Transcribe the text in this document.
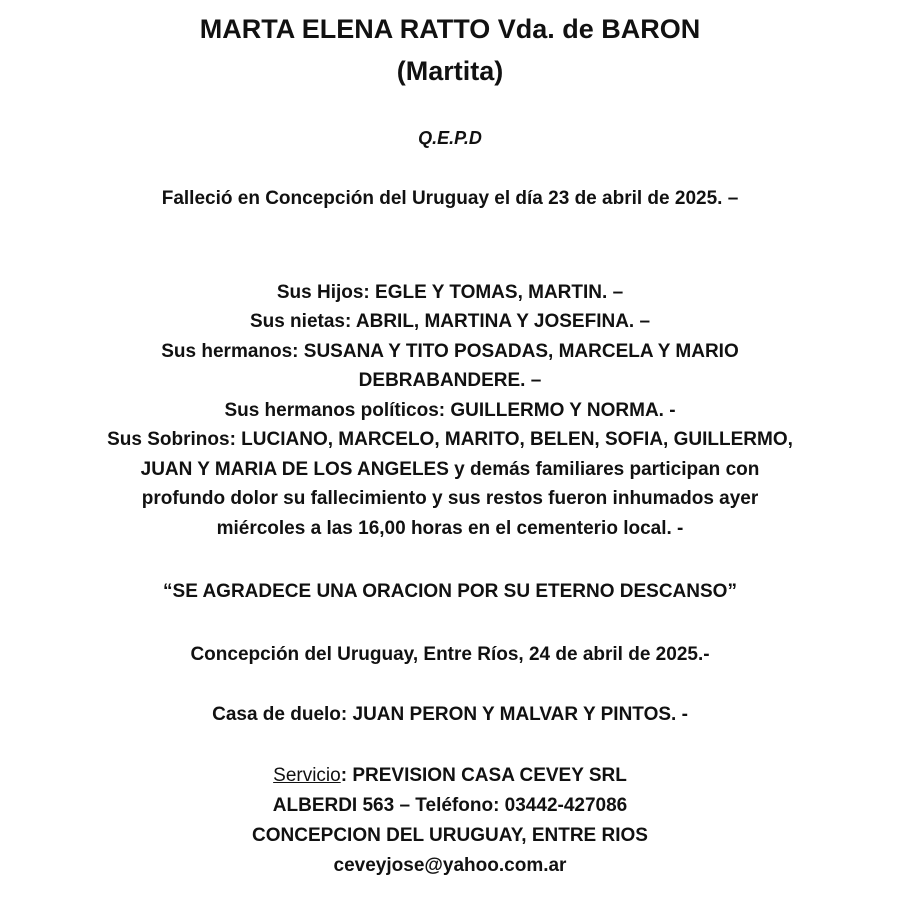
MARTA ELENA RATTO Vda. de BARON
(Martita)
Q.E.P.D
Falleció en Concepción del Uruguay el día 23 de abril de 2025. –
Sus Hijos: EGLE Y TOMAS, MARTIN. –
Sus nietas: ABRIL, MARTINA Y JOSEFINA. –
Sus hermanos: SUSANA Y TITO POSADAS, MARCELA Y MARIO
DEBRABANDERE. –
Sus hermanos políticos: GUILLERMO Y NORMA. -
Sus Sobrinos: LUCIANO, MARCELO, MARITO, BELEN, SOFIA, GUILLERMO,
JUAN Y MARIA DE LOS ANGELES y demás familiares participan con
profundo dolor su fallecimiento y sus restos fueron inhumados ayer
miércoles a las 16,00 horas en el cementerio local. -
“SE AGRADECE UNA ORACION POR SU ETERNO DESCANSO”
Concepción del Uruguay, Entre Ríos, 24 de abril de 2025.-
Casa de duelo: JUAN PERON Y MALVAR Y PINTOS. -
Servicio: PREVISION CASA CEVEY SRL
ALBERDI 563 – Teléfono: 03442-427086
CONCEPCION DEL URUGUAY, ENTRE RIOS
ceveyjose@yahoo.com.ar
